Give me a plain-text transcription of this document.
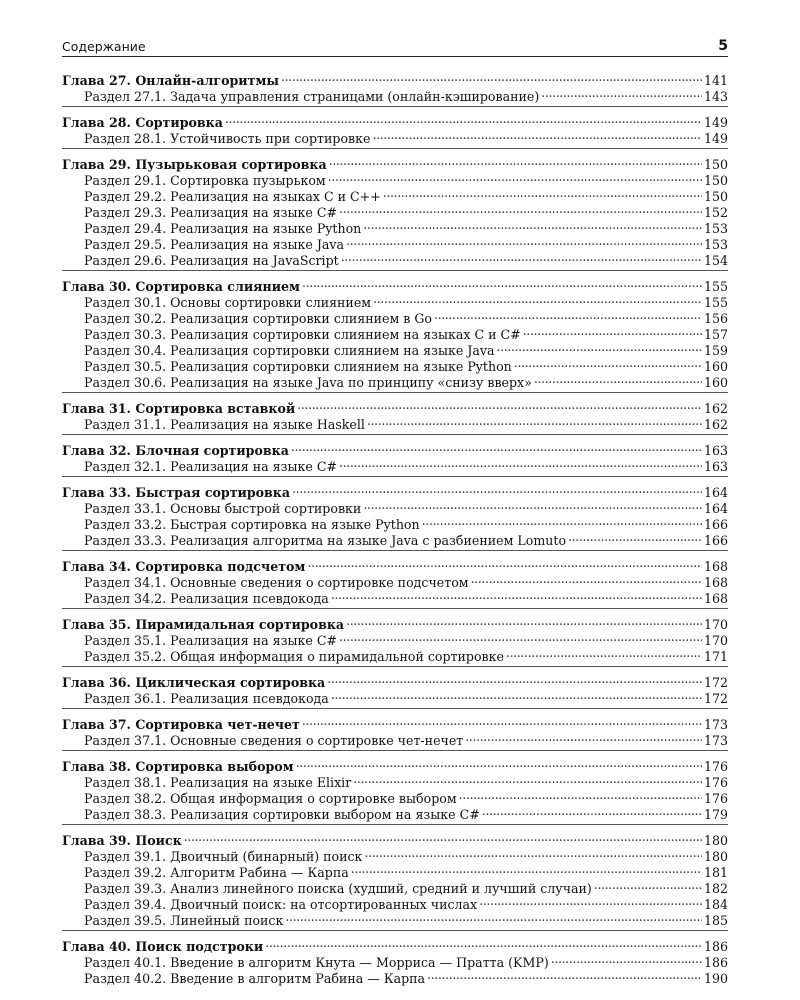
Содержание	5
Глава 27. Онлайн-алгоритмы . . .	141
Раздел 27.1. Задача управления страницами (онлайн-кэширование) . . .	143
Глава 28. Сортировка . . .	149
Раздел 28.1. Устойчивость при сортировке . . .	149
Глава 29. Пузырьковая сортировка . . .	150
Раздел 29.1. Сортировка пузырьком . . .	150
Раздел 29.2. Реализация на языках C и C++ . . .	150
Раздел 29.3. Реализация на языке C# . . .	152
Раздел 29.4. Реализация на языке Python . . .	153
Раздел 29.5. Реализация на языке Java . . .	153
Раздел 29.6. Реализация на JavaScript . . .	154
Глава 30. Сортировка слиянием . . .	155
Раздел 30.1. Основы сортировки слиянием . . .	155
Раздел 30.2. Реализация сортировки слиянием в Go . . .	156
Раздел 30.3. Реализация сортировки слиянием на языках C и C# . . .	157
Раздел 30.4. Реализация сортировки слиянием на языке Java . . .	159
Раздел 30.5. Реализация сортировки слиянием на языке Python . . .	160
Раздел 30.6. Реализация на языке Java по принципу «снизу вверх» . . .	160
Глава 31. Сортировка вставкой . . .	162
Раздел 31.1. Реализация на языке Haskell . . .	162
Глава 32. Блочная сортировка . . .	163
Раздел 32.1. Реализация на языке C# . . .	163
Глава 33. Быстрая сортировка . . .	164
Раздел 33.1. Основы быстрой сортировки . . .	164
Раздел 33.2. Быстрая сортировка на языке Python . . .	166
Раздел 33.3. Реализация алгоритма на языке Java с разбиением Lomuto . . .	166
Глава 34. Сортировка подсчетом . . .	168
Раздел 34.1. Основные сведения о сортировке подсчетом . . .	168
Раздел 34.2. Реализация псевдокода . . .	168
Глава 35. Пирамидальная сортировка . . .	170
Раздел 35.1. Реализация на языке C# . . .	170
Раздел 35.2. Общая информация о пирамидальной сортировке . . .	171
Глава 36. Циклическая сортировка . . .	172
Раздел 36.1. Реализация псевдокода . . .	172
Глава 37. Сортировка чет-нечет . . .	173
Раздел 37.1. Основные сведения о сортировке чет-нечет . . .	173
Глава 38. Сортировка выбором . . .	176
Раздел 38.1. Реализация на языке Elixir . . .	176
Раздел 38.2. Общая информация о сортировке выбором . . .	176
Раздел 38.3. Реализация сортировки выбором на языке C# . . .	179
Глава 39. Поиск . . .	180
Раздел 39.1. Двоичный (бинарный) поиск . . .	180
Раздел 39.2. Алгоритм Рабина — Карпа . . .	181
Раздел 39.3. Анализ линейного поиска (худший, средний и лучший случаи) . . .	182
Раздел 39.4. Двоичный поиск: на отсортированных числах . . .	184
Раздел 39.5. Линейный поиск . . .	185
Глава 40. Поиск подстроки . . .	186
Раздел 40.1. Введение в алгоритм Кнута — Морриса — Пратта (KMP) . . .	186
Раздел 40.2. Введение в алгоритм Рабина — Карпа . . .	190
